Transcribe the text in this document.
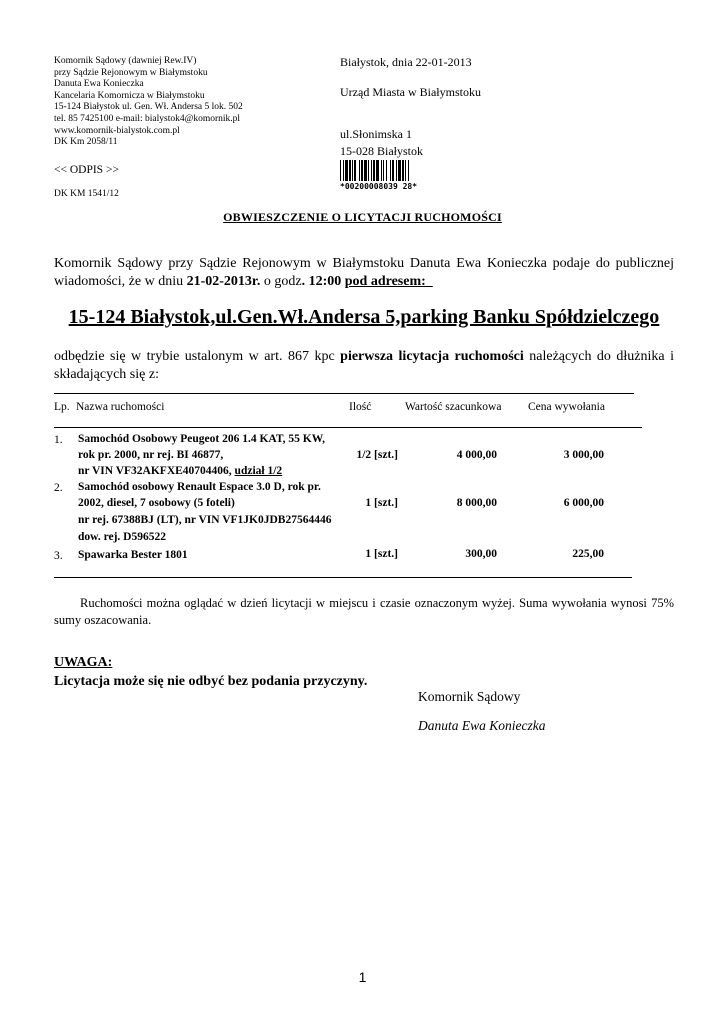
Komornik Sądowy (dawniej Rew.IV)
przy Sądzie Rejonowym w Białymstoku
Danuta Ewa Konieczka
Kancelaria Komornicza w Białymstoku
15-124 Białystok ul. Gen. Wł. Andersa 5 lok. 502
tel. 85 7425100 e-mail: bialystok4@komornik.pl
www.komornik-bialystok.com.pl
DK Km 2058/11
<< ODPIS >>
DK KM 1541/12
Białystok, dnia 22-01-2013
Urząd Miasta w Białymstoku
ul.Słonimska 1
15-028 Białystok
*00200008039 28*
OBWIESZCZENIE O LICYTACJI RUCHOMOŚCI
Komornik Sądowy przy Sądzie Rejonowym w Białymstoku Danuta Ewa Konieczka podaje do publicznej wiadomości, że w dniu 21-02-2013r. o godz. 12:00 pod adresem:
15-124 Białystok,ul.Gen.Wł.Andersa 5,parking Banku Spółdzielczego
odbędzie się w trybie ustalonym w art. 867 kpc pierwsza licytacja ruchomości należących do dłużnika i składających się z:
Lp. Nazwa ruchomości	Ilość	Wartość szacunkowa Cena wywołania
1. Samochód Osobowy Peugeot 206 1.4 KAT, 55 KW,
rok pr. 2000, nr rej. BI 46877,
nr VIN VF32AKFXE40704406, udział 1/2
1/2 [szt.]	4 000,00	3 000,00
2. Samochód osobowy Renault Espace 3.0 D, rok pr.
2002, diesel, 7 osobowy (5 foteli)
nr rej. 67388BJ (LT), nr VIN VF1JK0JDB27564446
dow. rej. D596522
1 [szt.]	8 000,00	6 000,00
3. Spawarka Bester 1801	1 [szt.]	300,00	225,00
Ruchomości można oglądać w dzień licytacji w miejscu i czasie oznaczonym wyżej. Suma wywołania wynosi 75% sumy oszacowania.
UWAGA:
Licytacja może się nie odbyć bez podania przyczyny.
Komornik Sądowy
Danuta Ewa Konieczka
1
